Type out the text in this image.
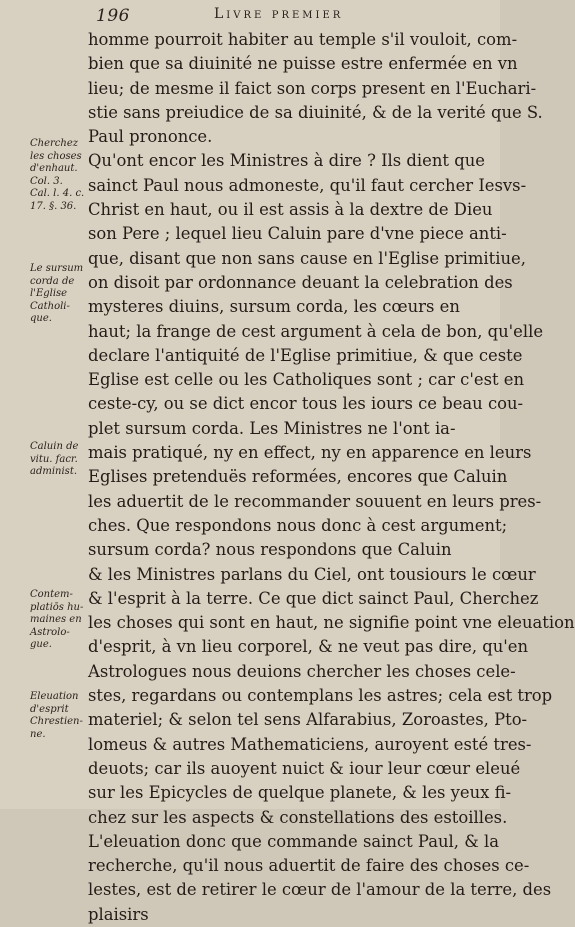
196	Livre premier
homme pourroit habiter au temple s'il vouloit, com-
bien que sa diuinité ne puisse estre enfermée en vn
lieu; de mesme il faict son corps present en l'Euchari-
stie sans preiudice de sa diuinité, & de la verité que S.
Paul prononce.
Qu'ont encor les Ministres à dire ? Ils dient que
sainct Paul nous admoneste, qu'il faut cercher Iesvs-
Christ en haut, ou il est assis à la dextre de Dieu
son Pere ; lequel lieu Caluin pare d'vne piece anti-
que, disant que non sans cause en l'Eglise primitiue,
on disoit par ordonnance deuant la celebration des
mysteres diuins, sursum corda, les cœurs en
haut; la frange de cest argument à cela de bon, qu'elle
declare l'antiquité de l'Eglise primitiue, & que ceste
Eglise est celle ou les Catholiques sont ; car c'est en
ceste-cy, ou se dict encor tous les iours ce beau cou-
plet sursum corda. Les Ministres ne l'ont ia-
mais pratiqué, ny en effect, ny en apparence en leurs
Eglises pretenduës reformées, encores que Caluin
les aduertit de le recommander souuent en leurs pres-
ches. Que respondons nous donc à cest argument;
sursum corda? nous respondons que Caluin
& les Ministres parlans du Ciel, ont tousiours le cœur
& l'esprit à la terre. Ce que dict sainct Paul, Cherchez
les choses qui sont en haut, ne signifie point vne eleuation
d'esprit, à vn lieu corporel, & ne veut pas dire, qu'en
Astrologues nous deuions chercher les choses cele-
stes, regardans ou contemplans les astres; cela est trop
materiel; & selon tel sens Alfarabius, Zoroastes, Pto-
lomeus & autres Mathematiciens, auroyent esté tres-
deuots; car ils auoyent nuict & iour leur cœur eleué
sur les Epicycles de quelque planete, & les yeux fi-
chez sur les aspects & constellations des estoilles.
L'eleuation donc que commande sainct Paul, & la
recherche, qu'il nous aduertit de faire des choses ce-
lestes, est de retirer le cœur de l'amour de la terre, des
plaisirs
Cherchez
les choses
d'enhaut.
Col. 3.
Cal. l. 4. c.
17. §. 36.
Le sursum
corda de
l'Eglise
Catholi-
que.
Caluin de
vitu. facr.
administ.
Contem-
platiōs hu-
maines en
Astrolo-
gue.
Eleuation
d'esprit
Chrestien-
ne.
